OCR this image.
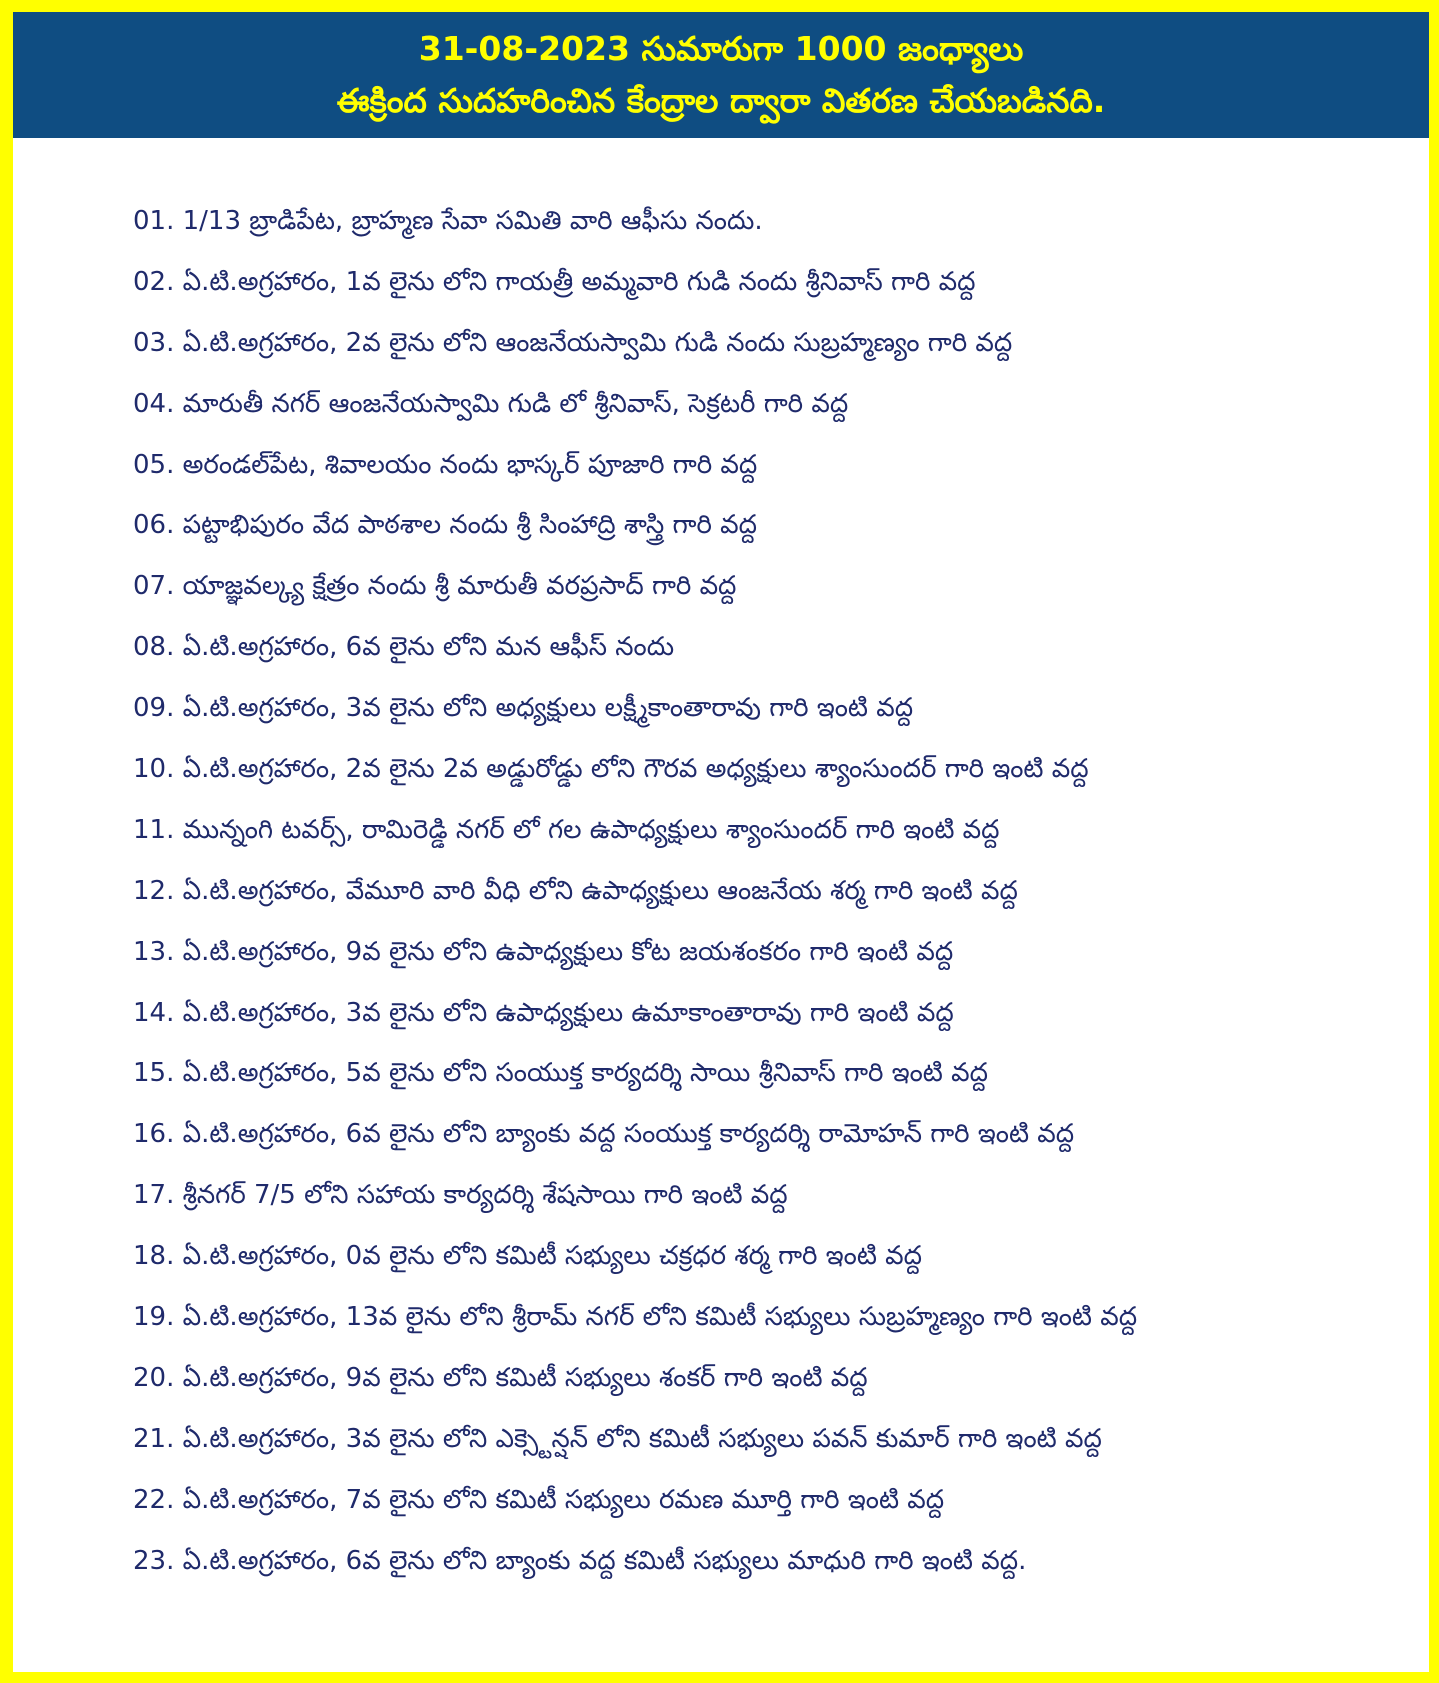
31-08-2023 సుమారుగా 1000 జంధ్యాలు
ఈక్రింద సుదహరించిన కేంద్రాల ద్వారా వితరణ చేయబడినది.
01. 1/13 బ్రాడిపేట, బ్రాహ్మణ సేవా సమితి వారి ఆఫీసు నందు.
02. ఏ.టి.అగ్రహారం, 1వ లైను లోని గాయత్రీ అమ్మవారి గుడి నందు శ్రీనివాస్ గారి వద్ద
03. ఏ.టి.అగ్రహారం, 2వ లైను లోని ఆంజనేయస్వామి గుడి నందు సుబ్రహ్మణ్యం గారి వద్ద
04. మారుతీ నగర్ ఆంజనేయస్వామి గుడి లో శ్రీనివాస్, సెక్రటరీ గారి వద్ద
05. అరండల్‌పేట, శివాలయం నందు భాస్కర్ పూజారి గారి వద్ద
06. పట్టాభిపురం వేద పాఠశాల నందు శ్రీ సింహాద్రి శాస్త్రి గారి వద్ద
07. యాజ్ఞవల్క్య క్షేత్రం నందు శ్రీ మారుతీ వరప్రసాద్ గారి వద్ద
08. ఏ.టి.అగ్రహారం, 6వ లైను లోని మన ఆఫీస్ నందు
09. ఏ.టి.అగ్రహారం, 3వ లైను లోని అధ్యక్షులు లక్ష్మీకాంతారావు గారి ఇంటి వద్ద
10. ఏ.టి.అగ్రహారం, 2వ లైను 2వ అడ్డురోడ్డు లోని గౌరవ అధ్యక్షులు శ్యాంసుందర్ గారి ఇంటి వద్ద
11. మున్నంగి టవర్స్, రామిరెడ్డి నగర్ లో గల ఉపాధ్యక్షులు శ్యాంసుందర్ గారి ఇంటి వద్ద
12. ఏ.టి.అగ్రహారం, వేమూరి వారి వీధి లోని ఉపాధ్యక్షులు ఆంజనేయ శర్మ గారి ఇంటి వద్ద
13. ఏ.టి.అగ్రహారం, 9వ లైను లోని ఉపాధ్యక్షులు కోట జయశంకరం గారి ఇంటి వద్ద
14. ఏ.టి.అగ్రహారం, 3వ లైను లోని ఉపాధ్యక్షులు ఉమాకాంతారావు గారి ఇంటి వద్ద
15. ఏ.టి.అగ్రహారం, 5వ లైను లోని సంయుక్త కార్యదర్శి సాయి శ్రీనివాస్ గారి ఇంటి వద్ద
16. ఏ.టి.అగ్రహారం, 6వ లైను లోని బ్యాంకు వద్ద సంయుక్త కార్యదర్శి రామోహన్ గారి ఇంటి వద్ద
17. శ్రీనగర్ 7/5 లోని సహాయ కార్యదర్శి శేషసాయి గారి ఇంటి వద్ద
18. ఏ.టి.అగ్రహారం, 0వ లైను లోని కమిటీ సభ్యులు చక్రధర శర్మ గారి ఇంటి వద్ద
19. ఏ.టి.అగ్రహారం, 13వ లైను లోని శ్రీరామ్ నగర్ లోని కమిటీ సభ్యులు సుబ్రహ్మణ్యం గారి ఇంటి వద్ద
20. ఏ.టి.అగ్రహారం, 9వ లైను లోని కమిటీ సభ్యులు శంకర్ గారి ఇంటి వద్ద
21. ఏ.టి.అగ్రహారం, 3వ లైను లోని ఎక్స్టెన్షన్ లోని కమిటీ సభ్యులు పవన్ కుమార్ గారి ఇంటి వద్ద
22. ఏ.టి.అగ్రహారం, 7వ లైను లోని కమిటీ సభ్యులు రమణ మూర్తి గారి ఇంటి వద్ద
23. ఏ.టి.అగ్రహారం, 6వ లైను లోని బ్యాంకు వద్ద కమిటీ సభ్యులు మాధురి గారి ఇంటి వద్ద.
